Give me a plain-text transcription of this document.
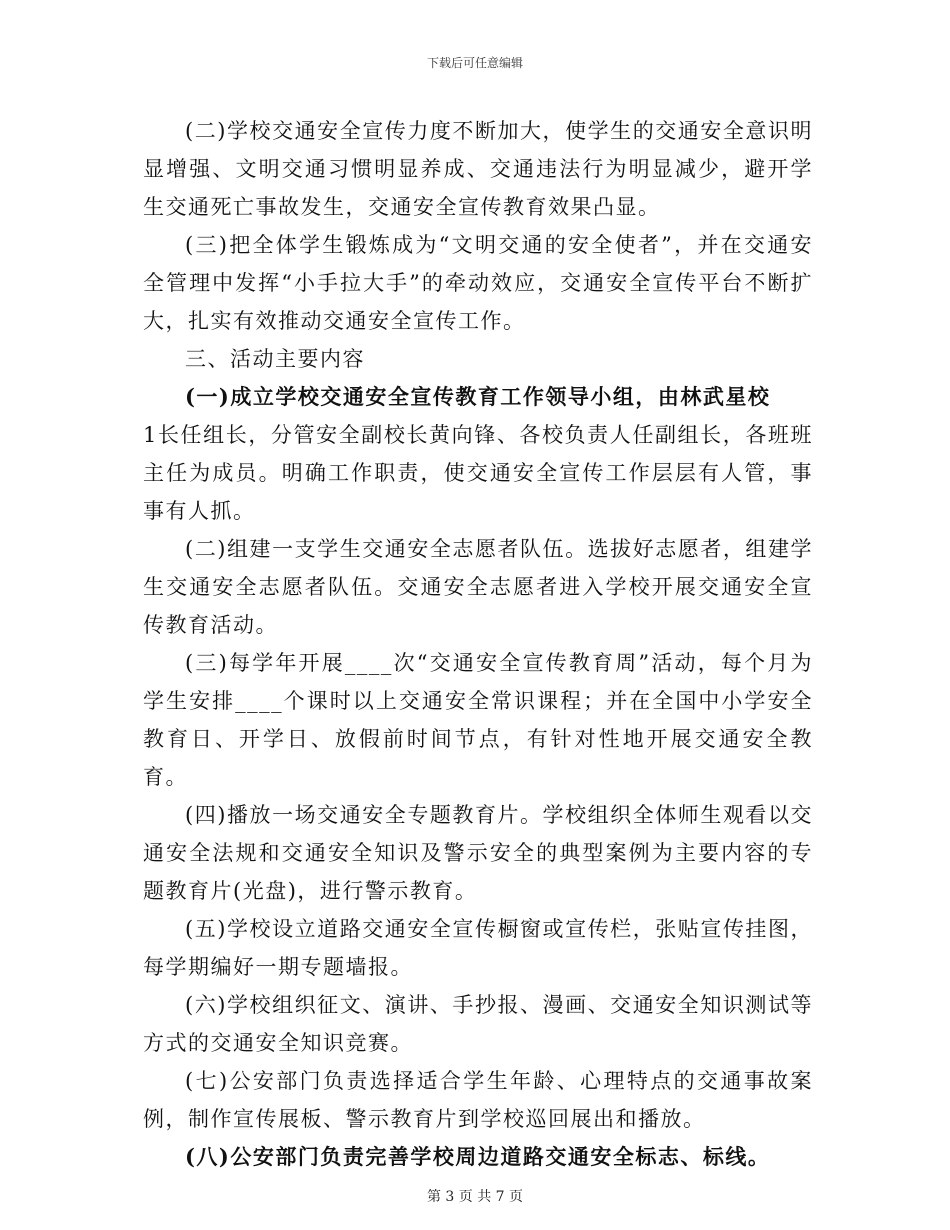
下载后可任意编辑

(二)学校交通安全宣传力度不断加大，使学生的交通安全意识明显增强、文明交通习惯明显养成、交通违法行为明显减少，避开学生交通死亡事故发生，交通安全宣传教育效果凸显。

(三)把全体学生锻炼成为“文明交通的安全使者”，并在交通安全管理中发挥“小手拉大手”的牵动效应，交通安全宣传平台不断扩大，扎实有效推动交通安全宣传工作。

三、活动主要内容

(一)成立学校交通安全宣传教育工作领导小组，由林武星校

1长任组长，分管安全副校长黄向锋、各校负责人任副组长，各班班主任为成员。明确工作职责，使交通安全宣传工作层层有人管，事事有人抓。

(二)组建一支学生交通安全志愿者队伍。选拔好志愿者，组建学生交通安全志愿者队伍。交通安全志愿者进入学校开展交通安全宣传教育活动。

(三)每学年开展____次“交通安全宣传教育周”活动，每个月为学生安排____个课时以上交通安全常识课程；并在全国中小学安全教育日、开学日、放假前时间节点，有针对性地开展交通安全教育。

(四)播放一场交通安全专题教育片。学校组织全体师生观看以交通安全法规和交通安全知识及警示安全的典型案例为主要内容的专题教育片(光盘)，进行警示教育。

(五)学校设立道路交通安全宣传橱窗或宣传栏，张贴宣传挂图，每学期编好一期专题墙报。

(六)学校组织征文、演讲、手抄报、漫画、交通安全知识测试等方式的交通安全知识竞赛。

(七)公安部门负责选择适合学生年龄、心理特点的交通事故案例，制作宣传展板、警示教育片到学校巡回展出和播放。

(八)公安部门负责完善学校周边道路交通安全标志、标线。

第 3 页 共 7 页
